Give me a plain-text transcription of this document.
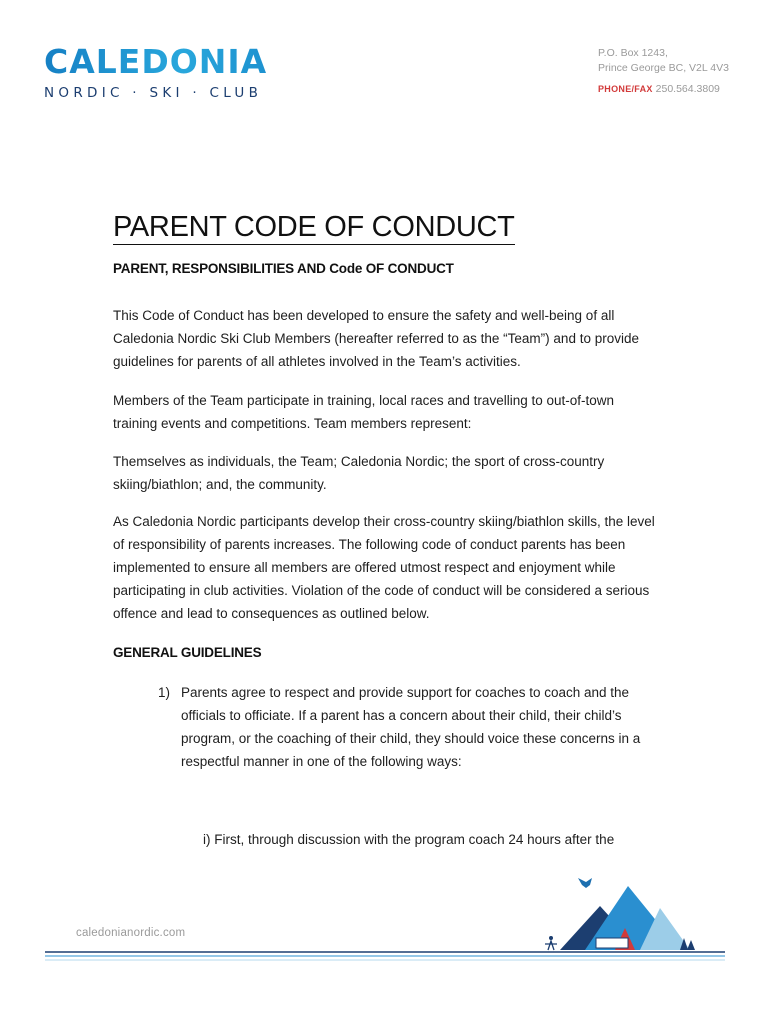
CALEDONIA
NORDIC · SKI · CLUB
P.O. Box 1243,
Prince George BC, V2L 4V3
PHONE/FAX 250.564.3809
PARENT CODE OF CONDUCT
PARENT, RESPONSIBILITIES AND Code OF CONDUCT

This Code of Conduct has been developed to ensure the safety and well-being of all Caledonia Nordic Ski Club Members (hereafter referred to as the “Team”) and to provide guidelines for parents of all athletes involved in the Team’s activities.

Members of the Team participate in training, local races and travelling to out-of-town training events and competitions. Team members represent:

Themselves as individuals, the Team; Caledonia Nordic; the sport of cross-country skiing/biathlon; and, the community.

As Caledonia Nordic participants develop their cross-country skiing/biathlon skills, the level of responsibility of parents increases. The following code of conduct parents has been implemented to ensure all members are offered utmost respect and enjoyment while participating in club activities. Violation of the code of conduct will be considered a serious offence and lead to consequences as outlined below.

GENERAL GUIDELINES
1) Parents agree to respect and provide support for coaches to coach and the officials to officiate. If a parent has a concern about their child, their child’s program, or the coaching of their child, they should voice these concerns in a respectful manner in one of the following ways:
i) First, through discussion with the program coach 24 hours after the
caledonianordic.com
